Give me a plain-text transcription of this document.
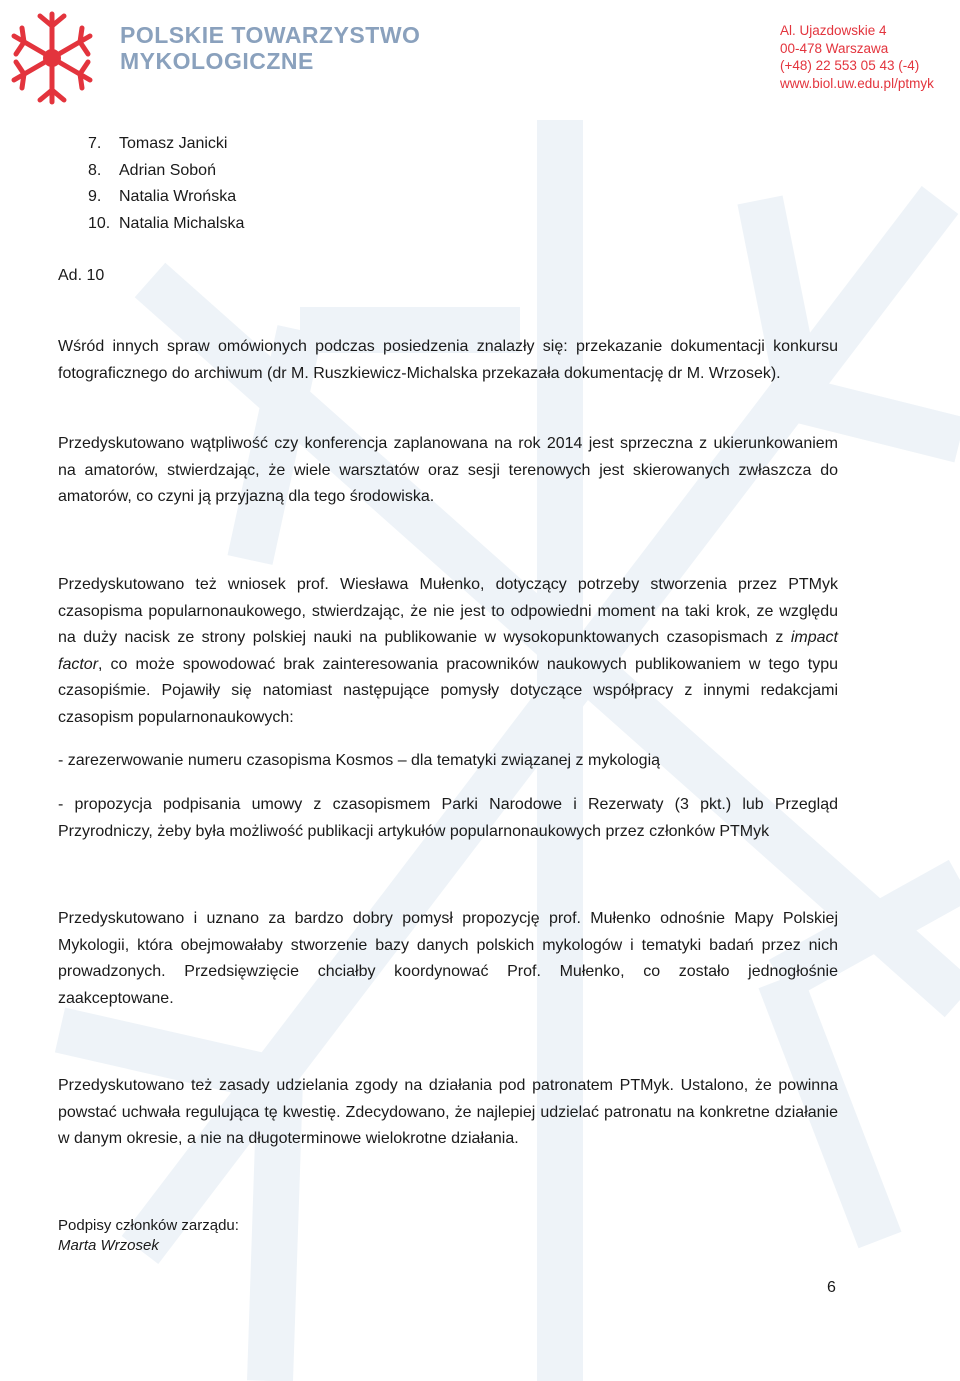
POLSKIE TOWARZYSTWO
MYKOLOGICZNE
Al. Ujazdowskie 4
00-478 Warszawa
(+48) 22 553 05 43 (-4)
www.biol.uw.edu.pl/ptmyk
7.	Tomasz Janicki
8.	Adrian Soboń
9.	Natalia Wrońska
10. Natalia Michalska
Ad. 10
Wśród innych spraw omówionych podczas posiedzenia znalazły się: przekazanie dokumentacji konkursu fotograficznego do archiwum (dr M. Ruszkiewicz-Michalska przekazała dokumentację dr M. Wrzosek).
Przedyskutowano wątpliwość czy konferencja zaplanowana na rok 2014 jest sprzeczna z ukierunkowaniem na amatorów, stwierdzając, że wiele warsztatów oraz sesji terenowych jest skierowanych zwłaszcza do amatorów, co czyni ją przyjazną dla tego środowiska.
Przedyskutowano też wniosek prof. Wiesława Mułenko, dotyczący potrzeby stworzenia przez PTMyk czasopisma popularnonaukowego, stwierdzając, że nie jest to odpowiedni moment na taki krok, ze względu na duży nacisk ze strony polskiej nauki na publikowanie w wysokopunktowanych czasopismach z impact factor, co może spowodować brak zainteresowania pracowników naukowych publikowaniem w tego typu czasopiśmie. Pojawiły się natomiast następujące pomysły dotyczące współpracy z innymi redakcjami czasopism popularnonaukowych:
- zarezerwowanie numeru czasopisma Kosmos – dla tematyki związanej z mykologią
- propozycja podpisania umowy z czasopismem Parki Narodowe i Rezerwaty (3 pkt.) lub Przegląd Przyrodniczy, żeby była możliwość publikacji artykułów popularnonaukowych przez członków PTMyk
Przedyskutowano i uznano za bardzo dobry pomysł propozycję prof. Mułenko odnośnie Mapy Polskiej Mykologii, która obejmowałaby stworzenie bazy danych polskich mykologów i tematyki badań przez nich prowadzonych. Przedsięwzięcie chciałby koordynować Prof. Mułenko, co zostało jednogłośnie zaakceptowane.
Przedyskutowano też zasady udzielania zgody na działania pod patronatem PTMyk. Ustalono, że powinna powstać uchwała regulująca tę kwestię. Zdecydowano, że najlepiej udzielać patronatu na konkretne działanie w danym okresie, a nie na długoterminowe wielokrotne działania.
Podpisy członków zarządu:
Marta Wrzosek
6
